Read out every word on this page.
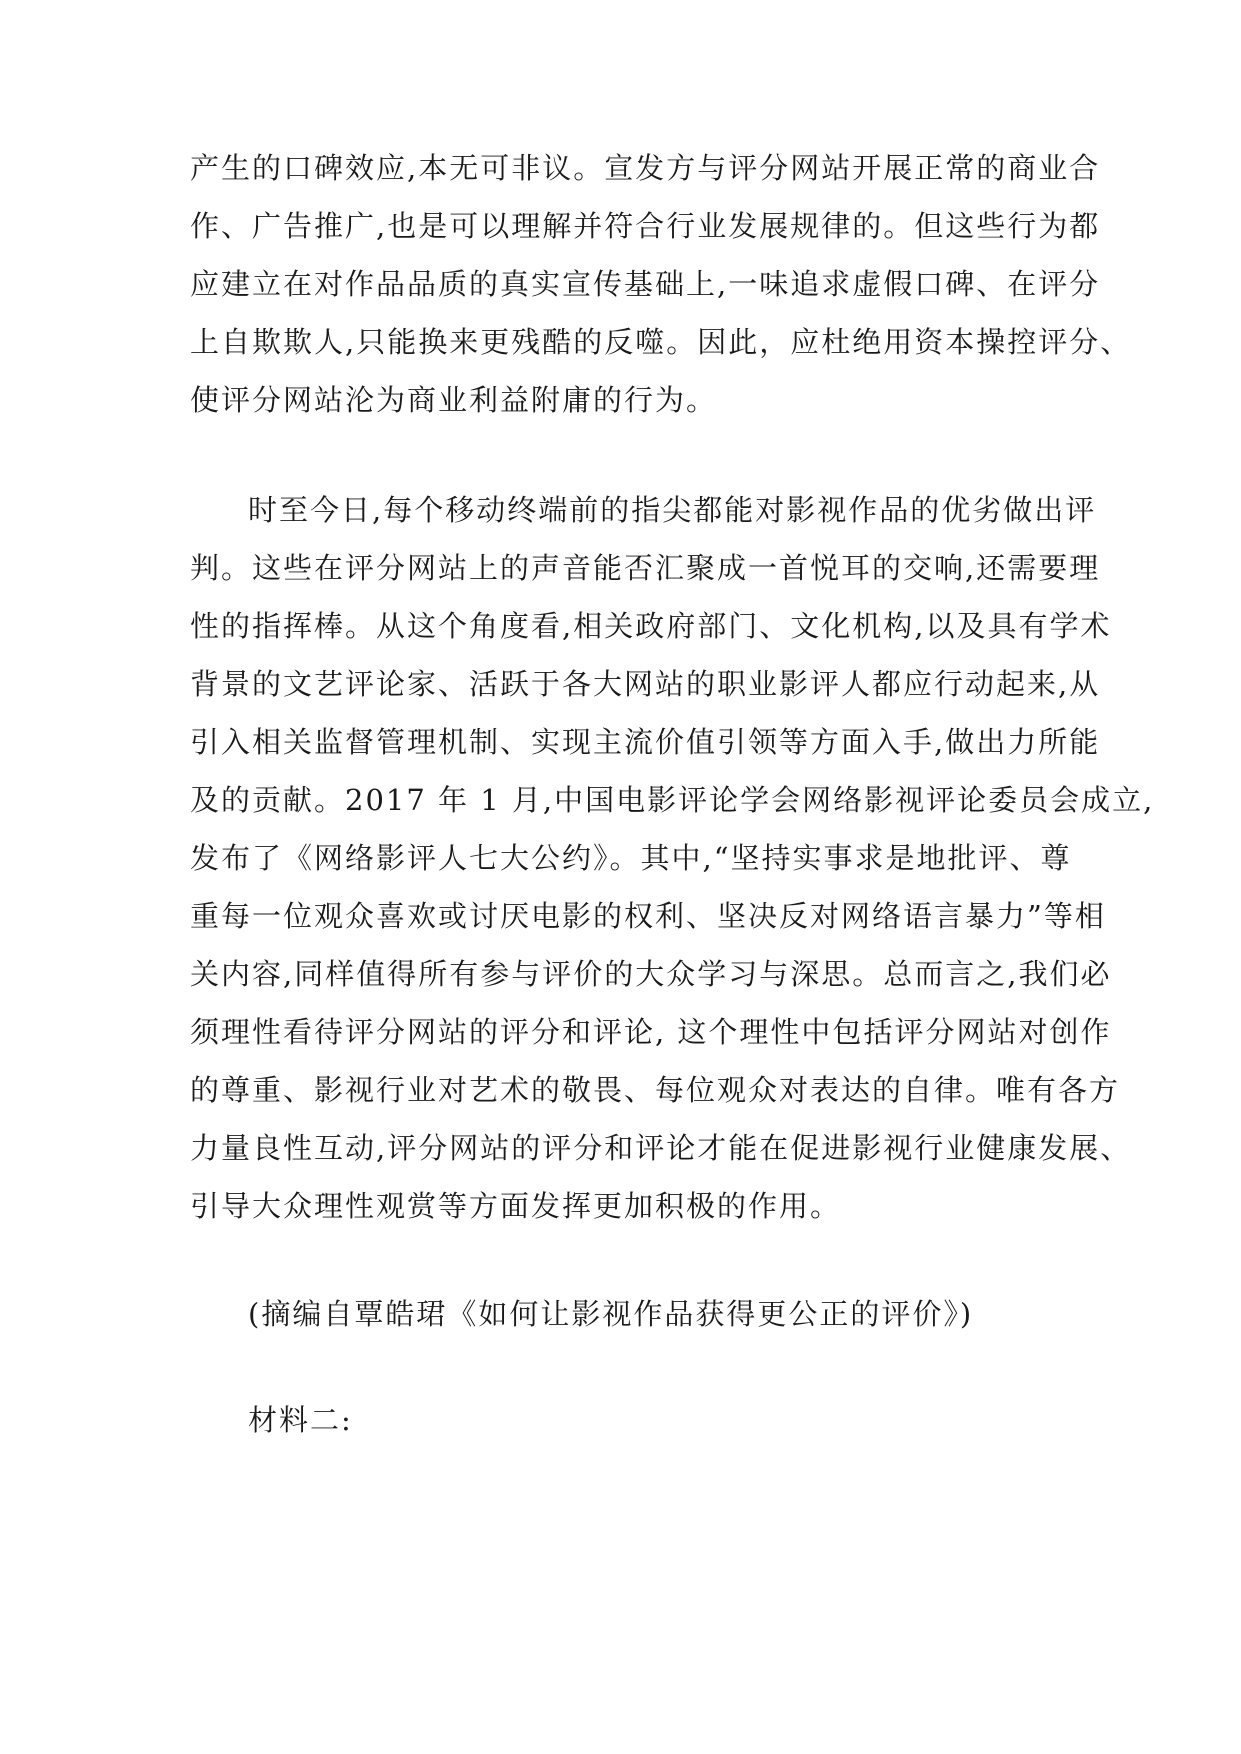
产生的口碑效应,本无可非议。宣发方与评分网站开展正常的商业合
作、广告推广,也是可以理解并符合行业发展规律的。但这些行为都
应建立在对作品品质的真实宣传基础上,一味追求虚假口碑、在评分
上自欺欺人,只能换来更残酷的反噬。因此，应杜绝用资本操控评分、
使评分网站沦为商业利益附庸的行为。
时至今日,每个移动终端前的指尖都能对影视作品的优劣做出评
判。这些在评分网站上的声音能否汇聚成一首悦耳的交响,还需要理
性的指挥棒。从这个角度看,相关政府部门、文化机构,以及具有学术
背景的文艺评论家、活跃于各大网站的职业影评人都应行动起来,从
引入相关监督管理机制、实现主流价值引领等方面入手,做出力所能
及的贡献。2017 年 1 月,中国电影评论学会网络影视评论委员会成立,
发布了《网络影评人七大公约》。其中,“坚持实事求是地批评、尊
重每一位观众喜欢或讨厌电影的权利、坚决反对网络语言暴力”等相
关内容,同样值得所有参与评价的大众学习与深思。总而言之,我们必
须理性看待评分网站的评分和评论, 这个理性中包括评分网站对创作
的尊重、影视行业对艺术的敬畏、每位观众对表达的自律。唯有各方
力量良性互动,评分网站的评分和评论才能在促进影视行业健康发展、
引导大众理性观赏等方面发挥更加积极的作用。
(摘编自覃皓珺《如何让影视作品获得更公正的评价》)
材料二:
